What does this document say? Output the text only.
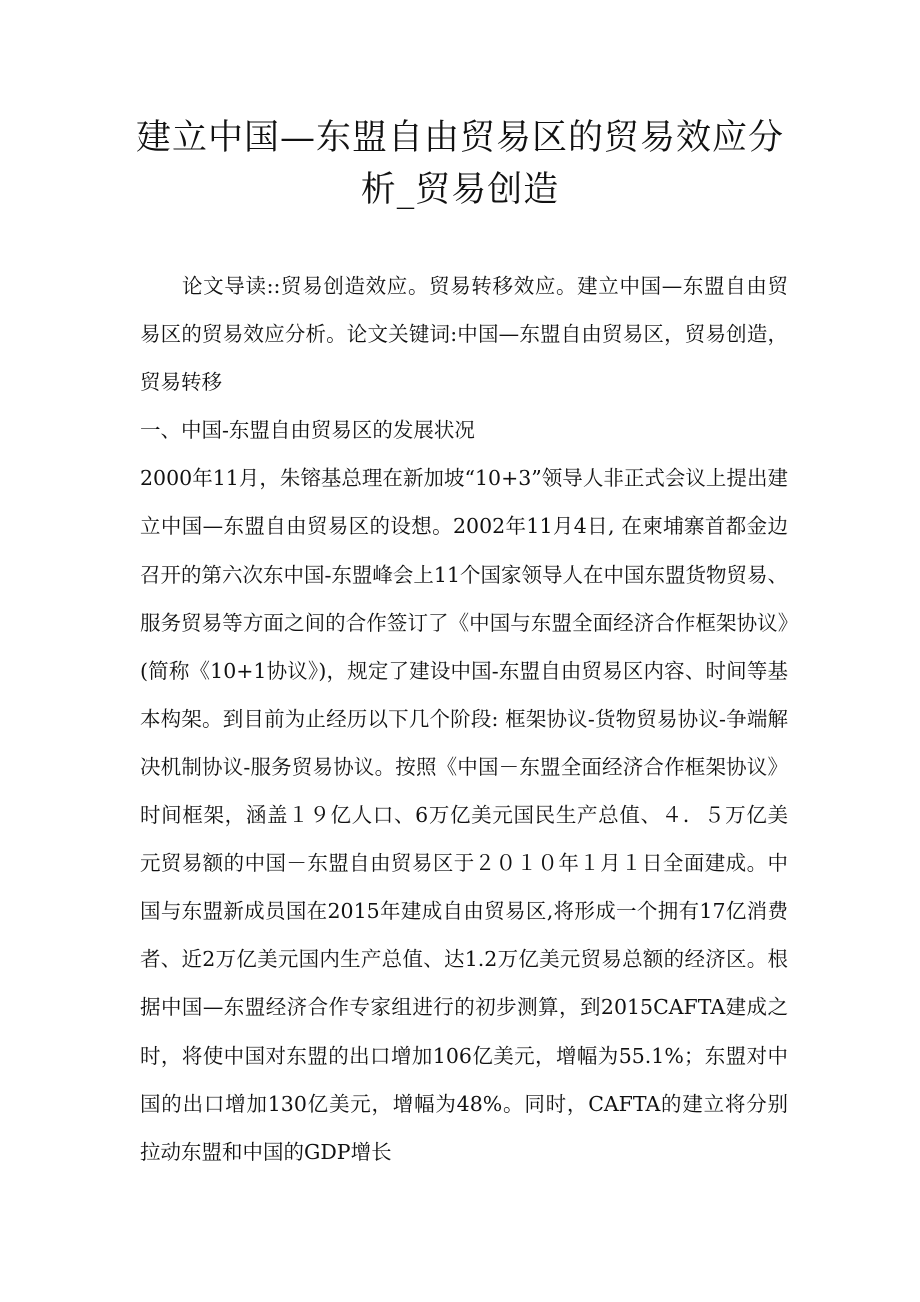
建立中国—东盟自由贸易区的贸易效应分析_贸易创造

论文导读::贸易创造效应。贸易转移效应。建立中国—东盟自由贸易区的贸易效应分析。论文关键词:中国—东盟自由贸易区，贸易创造，贸易转移

一、中国-东盟自由贸易区的发展状况

2000年11月，朱镕基总理在新加坡“10+3”领导人非正式会议上提出建立中国—东盟自由贸易区的设想。2002年11月4日, 在柬埔寨首都金边召开的第六次东中国-东盟峰会上11个国家领导人在中国东盟货物贸易、服务贸易等方面之间的合作签订了《中国与东盟全面经济合作框架协议》(简称《10+1协议》)，规定了建设中国-东盟自由贸易区内容、时间等基本构架。到目前为止经历以下几个阶段: 框架协议-货物贸易协议-争端解决机制协议-服务贸易协议。按照《中国－东盟全面经济合作框架协议》时间框架，涵盖１９亿人口、6万亿美元国民生产总值、４．５万亿美元贸易额的中国－东盟自由贸易区于２０１０年１月１日全面建成。中国与东盟新成员国在2015年建成自由贸易区,将形成一个拥有17亿消费者、近2万亿美元国内生产总值、达1.2万亿美元贸易总额的经济区。根据中国—东盟经济合作专家组进行的初步测算，到2015CAFTA建成之时，将使中国对东盟的出口增加106亿美元，增幅为55.1%；东盟对中国的出口增加130亿美元，增幅为48%。同时，CAFTA的建立将分别拉动东盟和中国的GDP增长
